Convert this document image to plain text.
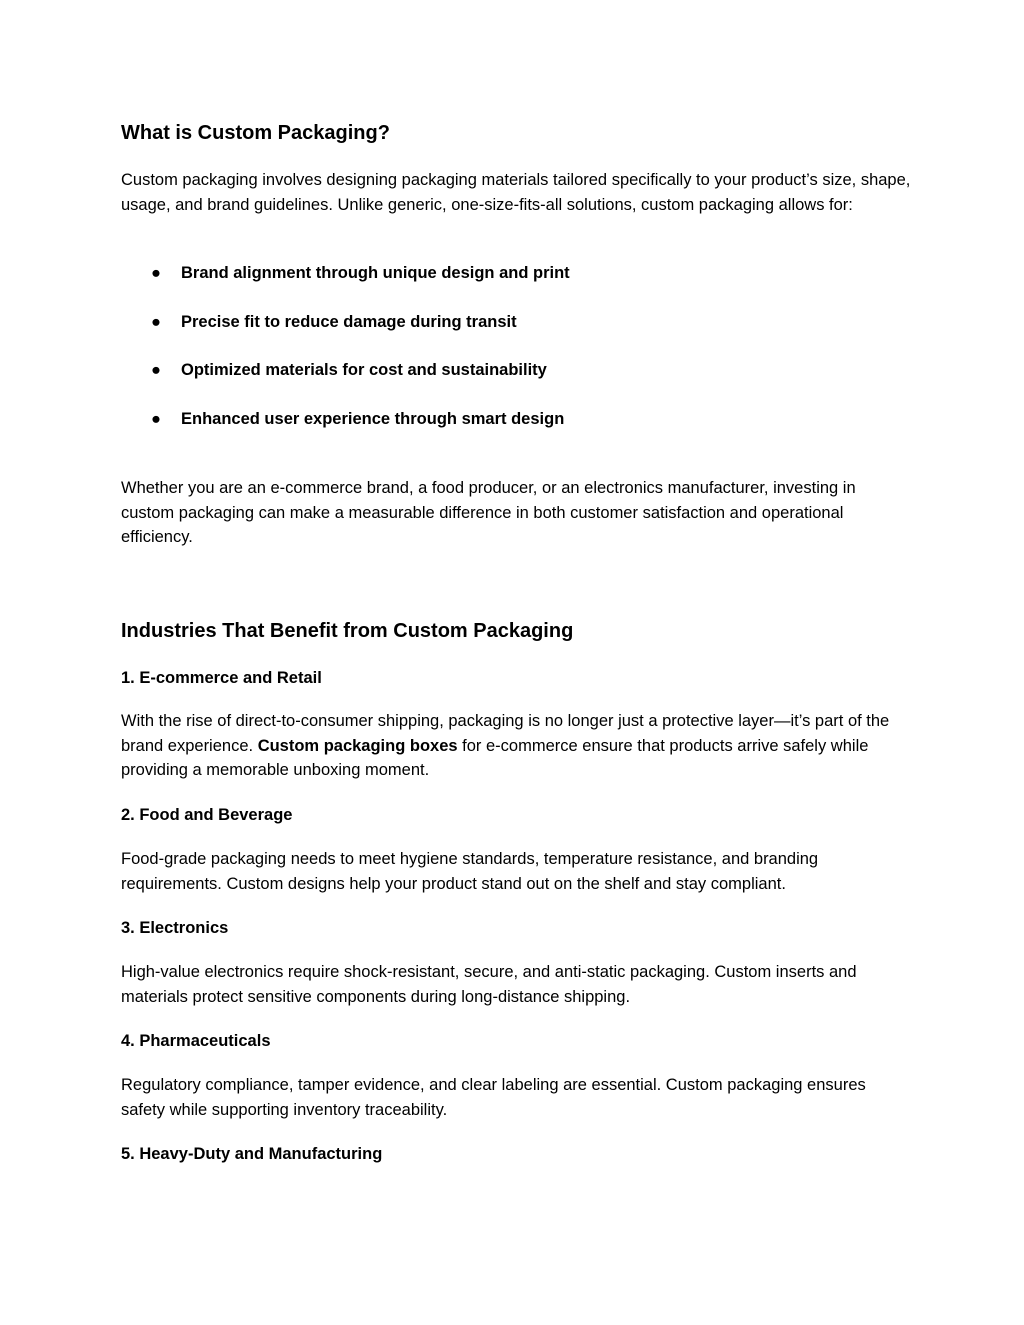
What is Custom Packaging?

Custom packaging involves designing packaging materials tailored specifically to your product’s size, shape, usage, and brand guidelines. Unlike generic, one-size-fits-all solutions, custom packaging allows for:

● Brand alignment through unique design and print
● Precise fit to reduce damage during transit
● Optimized materials for cost and sustainability
● Enhanced user experience through smart design

Whether you are an e-commerce brand, a food producer, or an electronics manufacturer, investing in custom packaging can make a measurable difference in both customer satisfaction and operational efficiency.

Industries That Benefit from Custom Packaging
1. E-commerce and Retail

With the rise of direct-to-consumer shipping, packaging is no longer just a protective layer—it’s part of the brand experience. Custom packaging boxes for e-commerce ensure that products arrive safely while providing a memorable unboxing moment.

2. Food and Beverage

Food-grade packaging needs to meet hygiene standards, temperature resistance, and branding requirements. Custom designs help your product stand out on the shelf and stay compliant.

3. Electronics

High-value electronics require shock-resistant, secure, and anti-static packaging. Custom inserts and materials protect sensitive components during long-distance shipping.

4. Pharmaceuticals

Regulatory compliance, tamper evidence, and clear labeling are essential. Custom packaging ensures safety while supporting inventory traceability.

5. Heavy-Duty and Manufacturing
